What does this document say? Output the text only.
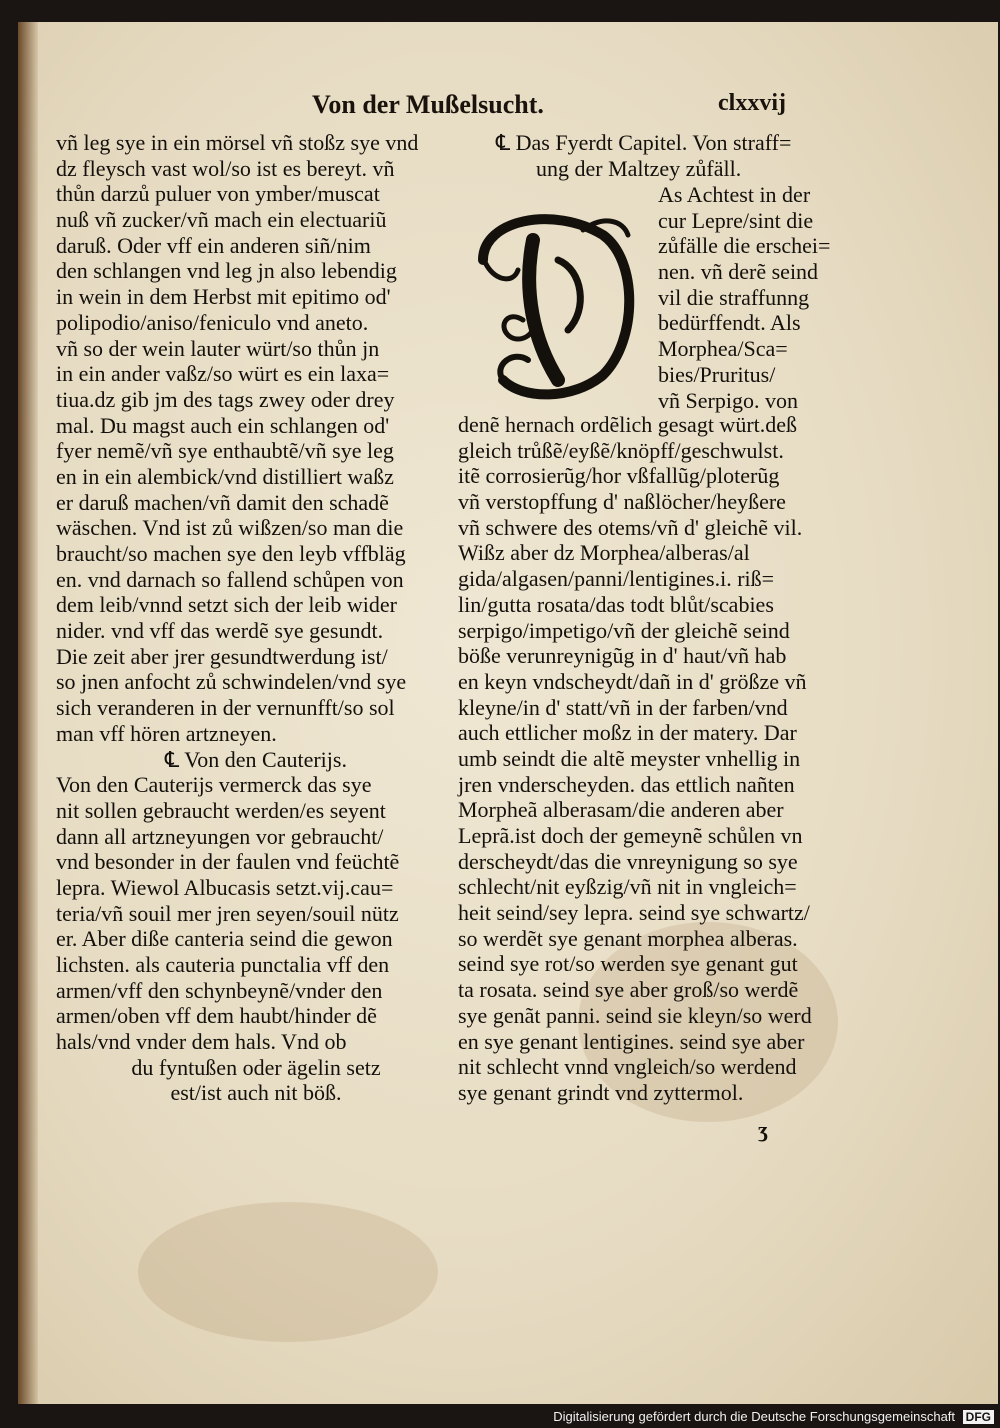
Von der Mußelsucht.	clxxvij
vñ leg sye in ein mörsel vñ stoßz sye vnd
dz fleysch vast wol/so ist es bereyt. vñ
thůn darzů puluer von ymber/muscat
nuß vñ zucker/vñ mach ein electuariũ
daruß. Oder vff ein anderen siñ/nim
den schlangen vnd leg jn also lebendig
in wein in dem Herbst mit epitimo od'
polipodio/aniso/feniculo vnd aneto.
vñ so der wein lauter würt/so thůn jn
in ein ander vaßz/so würt es ein laxa=
tiua.dz gib jm des tags zwey oder drey
mal. Du magst auch ein schlangen od'
fyer nemẽ/vñ sye enthaubtẽ/vñ sye leg
en in ein alembick/vnd distilliert waßz
er daruß machen/vñ damit den schadẽ
wäschen. Vnd ist zů wißzen/so man die
braucht/so machen sye den leyb vffbläg
en. vnd darnach so fallend schůpen von
dem leib/vnnd setzt sich der leib wider
nider. vnd vff das werdẽ sye gesundt.
Die zeit aber jrer gesundtwerdung ist/
so jnen anfocht zů schwindelen/vnd sye
sich veranderen in der vernunfft/so sol
man vff hören artzneyen.
℄ Von den Cauterijs.
Von den Cauterijs vermerck das sye
nit sollen gebraucht werden/es seyent
dann all artzneyungen vor gebraucht/
vnd besonder in der faulen vnd feüchtẽ
lepra. Wiewol Albucasis setzt.vij.cau=
teria/vñ souil mer jren seyen/souil nütz
er. Aber diße canteria seind die gewon
lichsten. als cauteria punctalia vff den
armen/vff den schynbeynẽ/vnder den
armen/oben vff dem haubt/hinder dẽ
hals/vnd vnder dem hals. Vnd ob
du fyntußen oder ägelin setz
est/ist auch nit böß.
℄ Das Fyerdt Capitel. Von straff=
ung der Maltzey zůfäll.
As Achtest in der
cur Lepre/sint die
zůfälle die erschei=
nen. vñ derẽ seind
vil die straffunng
bedürffendt. Als
Morphea/Sca=
bies/Pruritus/
vñ Serpigo. von
denẽ hernach ordẽlich gesagt würt.deß
gleich trůßẽ/eyßẽ/knöpff/geschwulst.
itẽ corrosierũg/hor vßfallũg/ploterũg
vñ verstopffung d' naßlöcher/heyßere
vñ schwere des otems/vñ d' gleichẽ vil.
Wißz aber dz Morphea/alberas/al
gida/algasen/panni/lentigines.i. riß=
lin/gutta rosata/das todt blůt/scabies
serpigo/impetigo/vñ der gleichẽ seind
böße verunreynigũg in d' haut/vñ hab
en keyn vndscheydt/dañ in d' größze vñ
kleyne/in d' statt/vñ in der farben/vnd
auch ettlicher moßz in der matery. Dar
umb seindt die altẽ meyster vnhellig in
jren vnderscheyden. das ettlich nañten
Morpheã alberasam/die anderen aber
Leprã.ist doch der gemeynẽ schůlen vn
derscheydt/das die vnreynigung so sye
schlecht/nit eyßzig/vñ nit in vngleich=
heit seind/sey lepra. seind sye schwartz/
so werdẽt sye genant morphea alberas.
seind sye rot/so werden sye genant gut
ta rosata. seind sye aber groß/so werdẽ
sye genãt panni. seind sie kleyn/so werd
en sye genant lentigines. seind sye aber
nit schlecht vnnd vngleich/so werdend
sye genant grindt vnd zyttermol.
ʒ
Digitalisierung gefördert durch die Deutsche Forschungsgemeinschaft DFG
